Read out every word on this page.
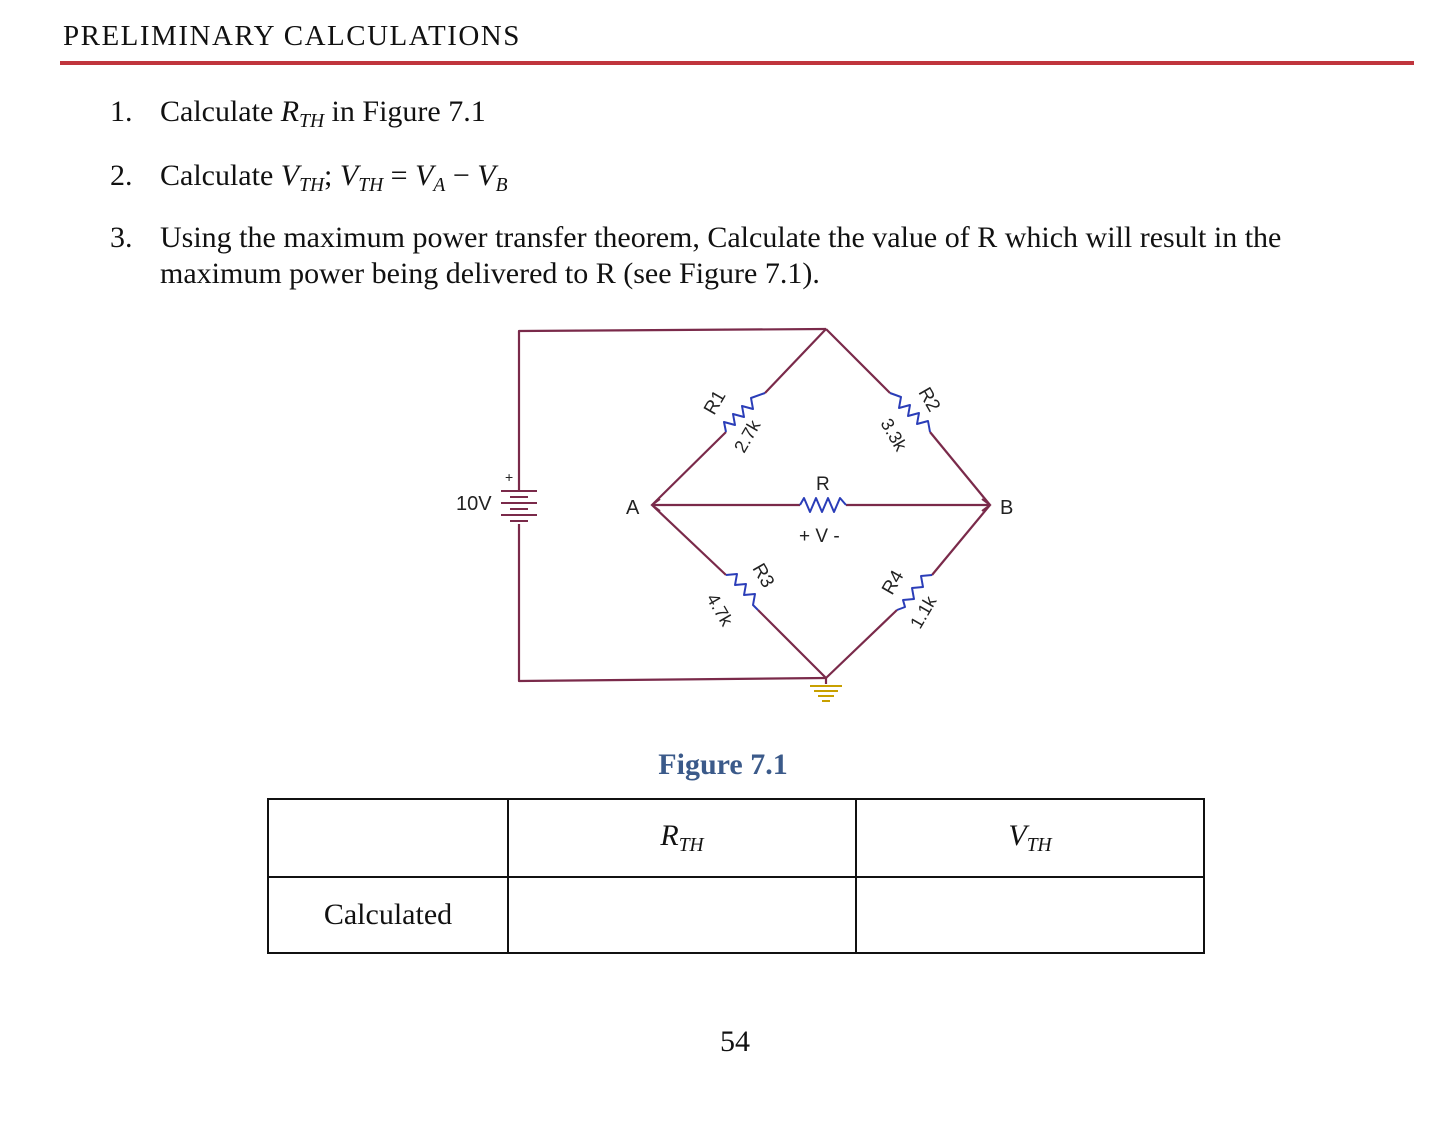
PRELIMINARY CALCULATIONS
1. Calculate $R_{TH}$ in Figure 7.1
2. Calculate $V_{TH}$; $V_{TH} = V_A - V_B$
3. Using the maximum power transfer theorem, Calculate the value of R which will result in the maximum power being delivered to R (see Figure 7.1).
+
10V	A	B
R
+ V -
R1
2.7k
R2
3.3k
R3
4.7k
R4
1.1k
Figure 7.1
	$R_{TH}$	$V_{TH}$
Calculated		
54
